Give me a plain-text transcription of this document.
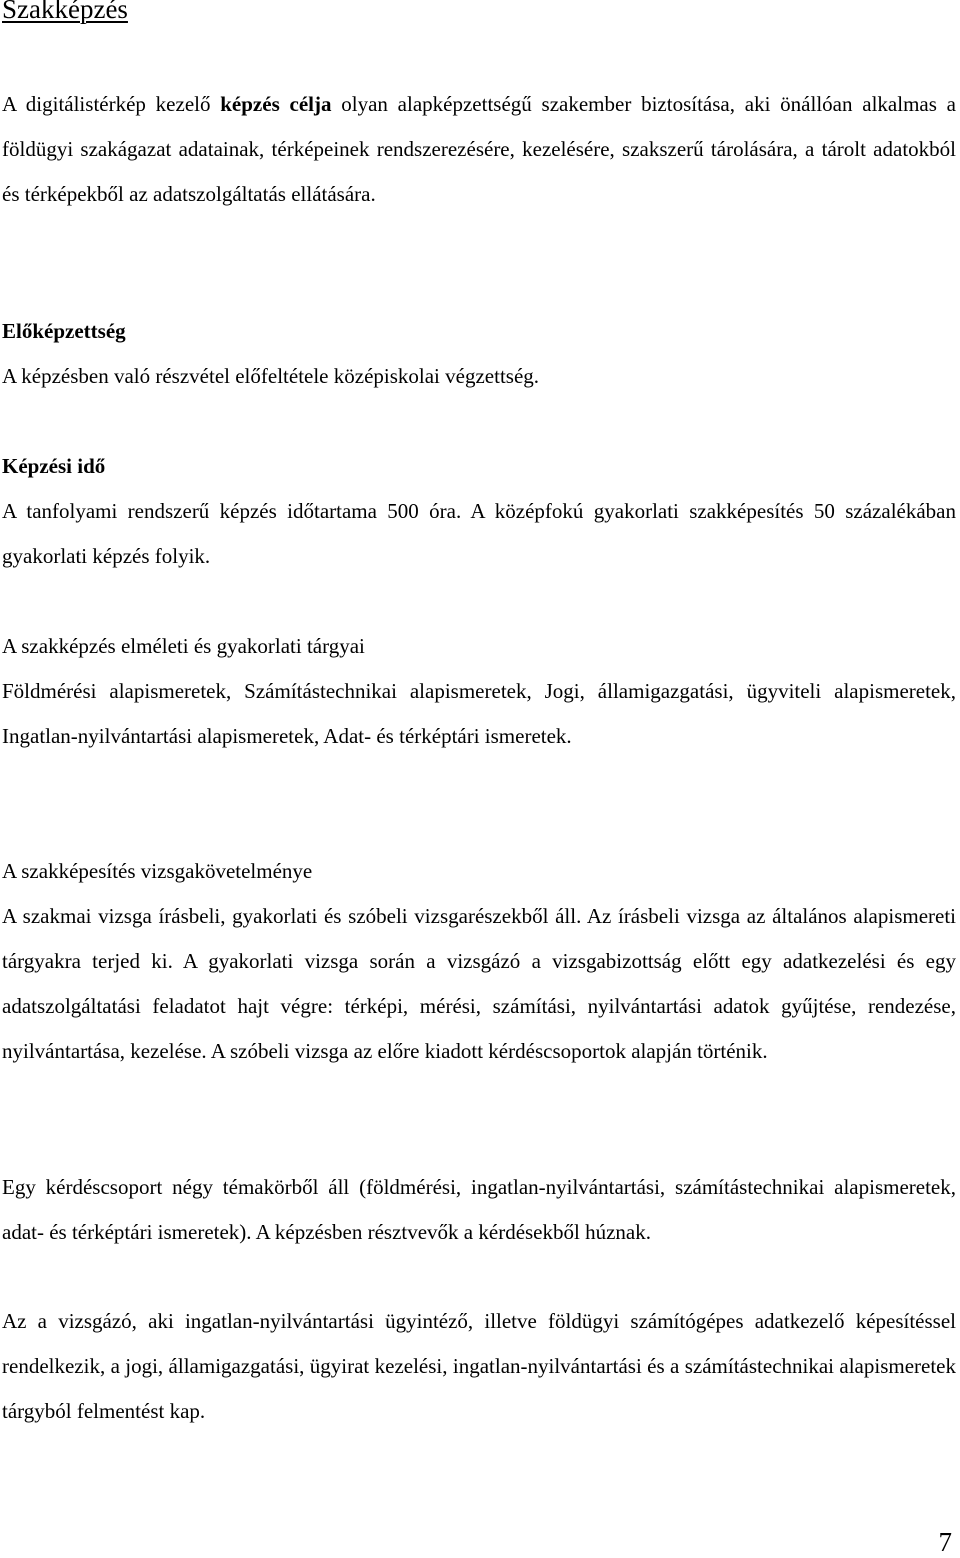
Szakképzés

A digitálistérkép kezelő képzés célja olyan alapképzettségű szakember biztosítása, aki önállóan alkalmas a földügyi szakágazat adatainak, térképeinek rendszerezésére, kezelésére, szakszerű tárolására, a tárolt adatokból és térképekből az adatszolgáltatás ellátására.

Előképzettség

A képzésben való részvétel előfeltétele középiskolai végzettség.

Képzési idő

A tanfolyami rendszerű képzés időtartama 500 óra. A középfokú gyakorlati szakképesítés 50 százalékában gyakorlati képzés folyik.

A szakképzés elméleti és gyakorlati tárgyai

Földmérési alapismeretek, Számítástechnikai alapismeretek, Jogi, államigazgatási, ügyviteli alapismeretek, Ingatlan-nyilvántartási alapismeretek, Adat- és térképtári ismeretek.

A szakképesítés vizsgakövetelménye

A szakmai vizsga írásbeli, gyakorlati és szóbeli vizsgarészekből áll. Az írásbeli vizsga az általános alapismereti tárgyakra terjed ki. A gyakorlati vizsga során a vizsgázó a vizsgabizottság előtt egy adatkezelési és egy adatszolgáltatási feladatot hajt végre: térképi, mérési, számítási, nyilvántartási adatok gyűjtése, rendezése, nyilvántartása, kezelése. A szóbeli vizsga az előre kiadott kérdéscsoportok alapján történik.

Egy kérdéscsoport négy témakörből áll (földmérési, ingatlan-nyilvántartási, számítástechnikai alapismeretek, adat- és térképtári ismeretek). A képzésben résztvevők a kérdésekből húznak.

Az a vizsgázó, aki ingatlan-nyilvántartási ügyintéző, illetve földügyi számítógépes adatkezelő képesítéssel rendelkezik, a jogi, államigazgatási, ügyirat kezelési, ingatlan-nyilvántartási és a számítástechnikai alapismeretek tárgyból felmentést kap.

7
